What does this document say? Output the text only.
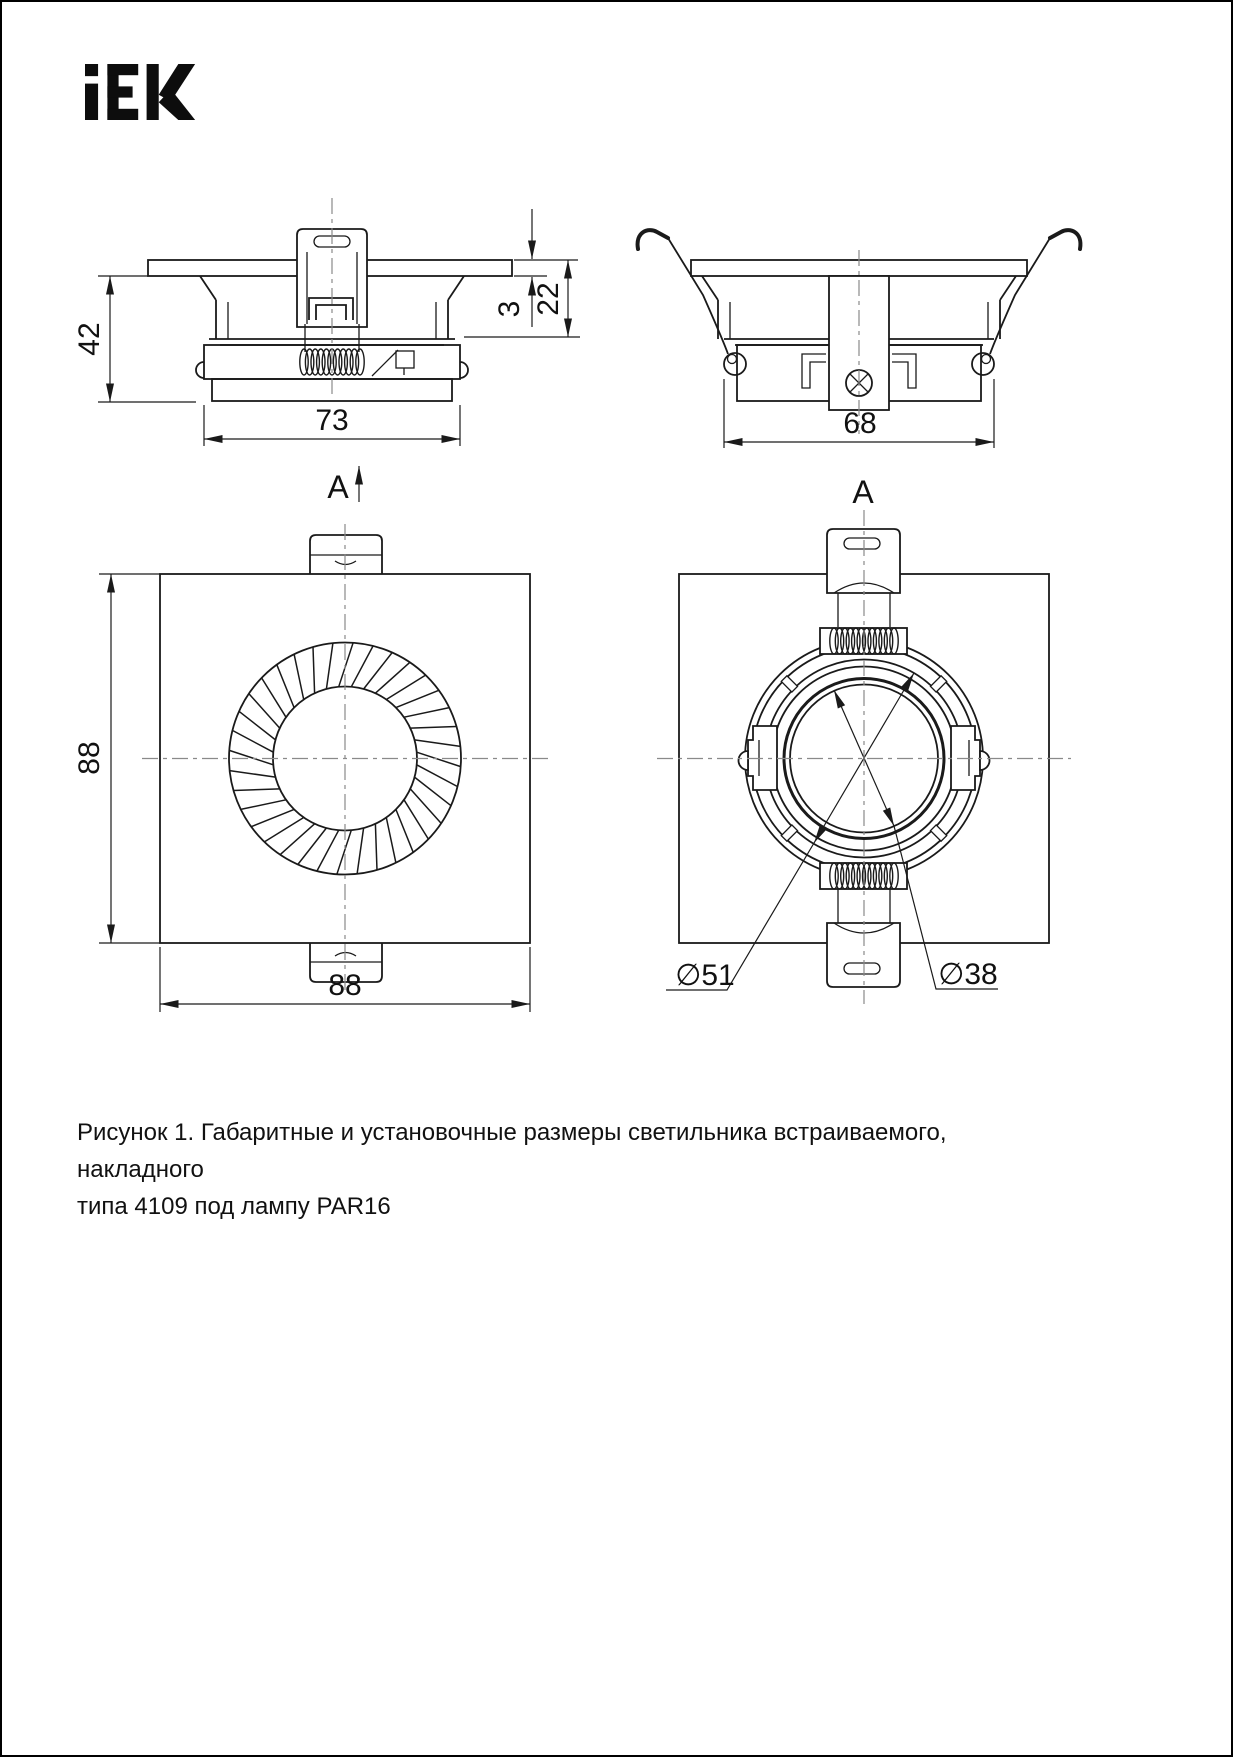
42
73
3 22
68
A
88
88
A
∅51	∅38
Рисунок 1. Габаритные и установочные размеры светильника встраиваемого, накладного
типа 4109 под лампу PAR16
